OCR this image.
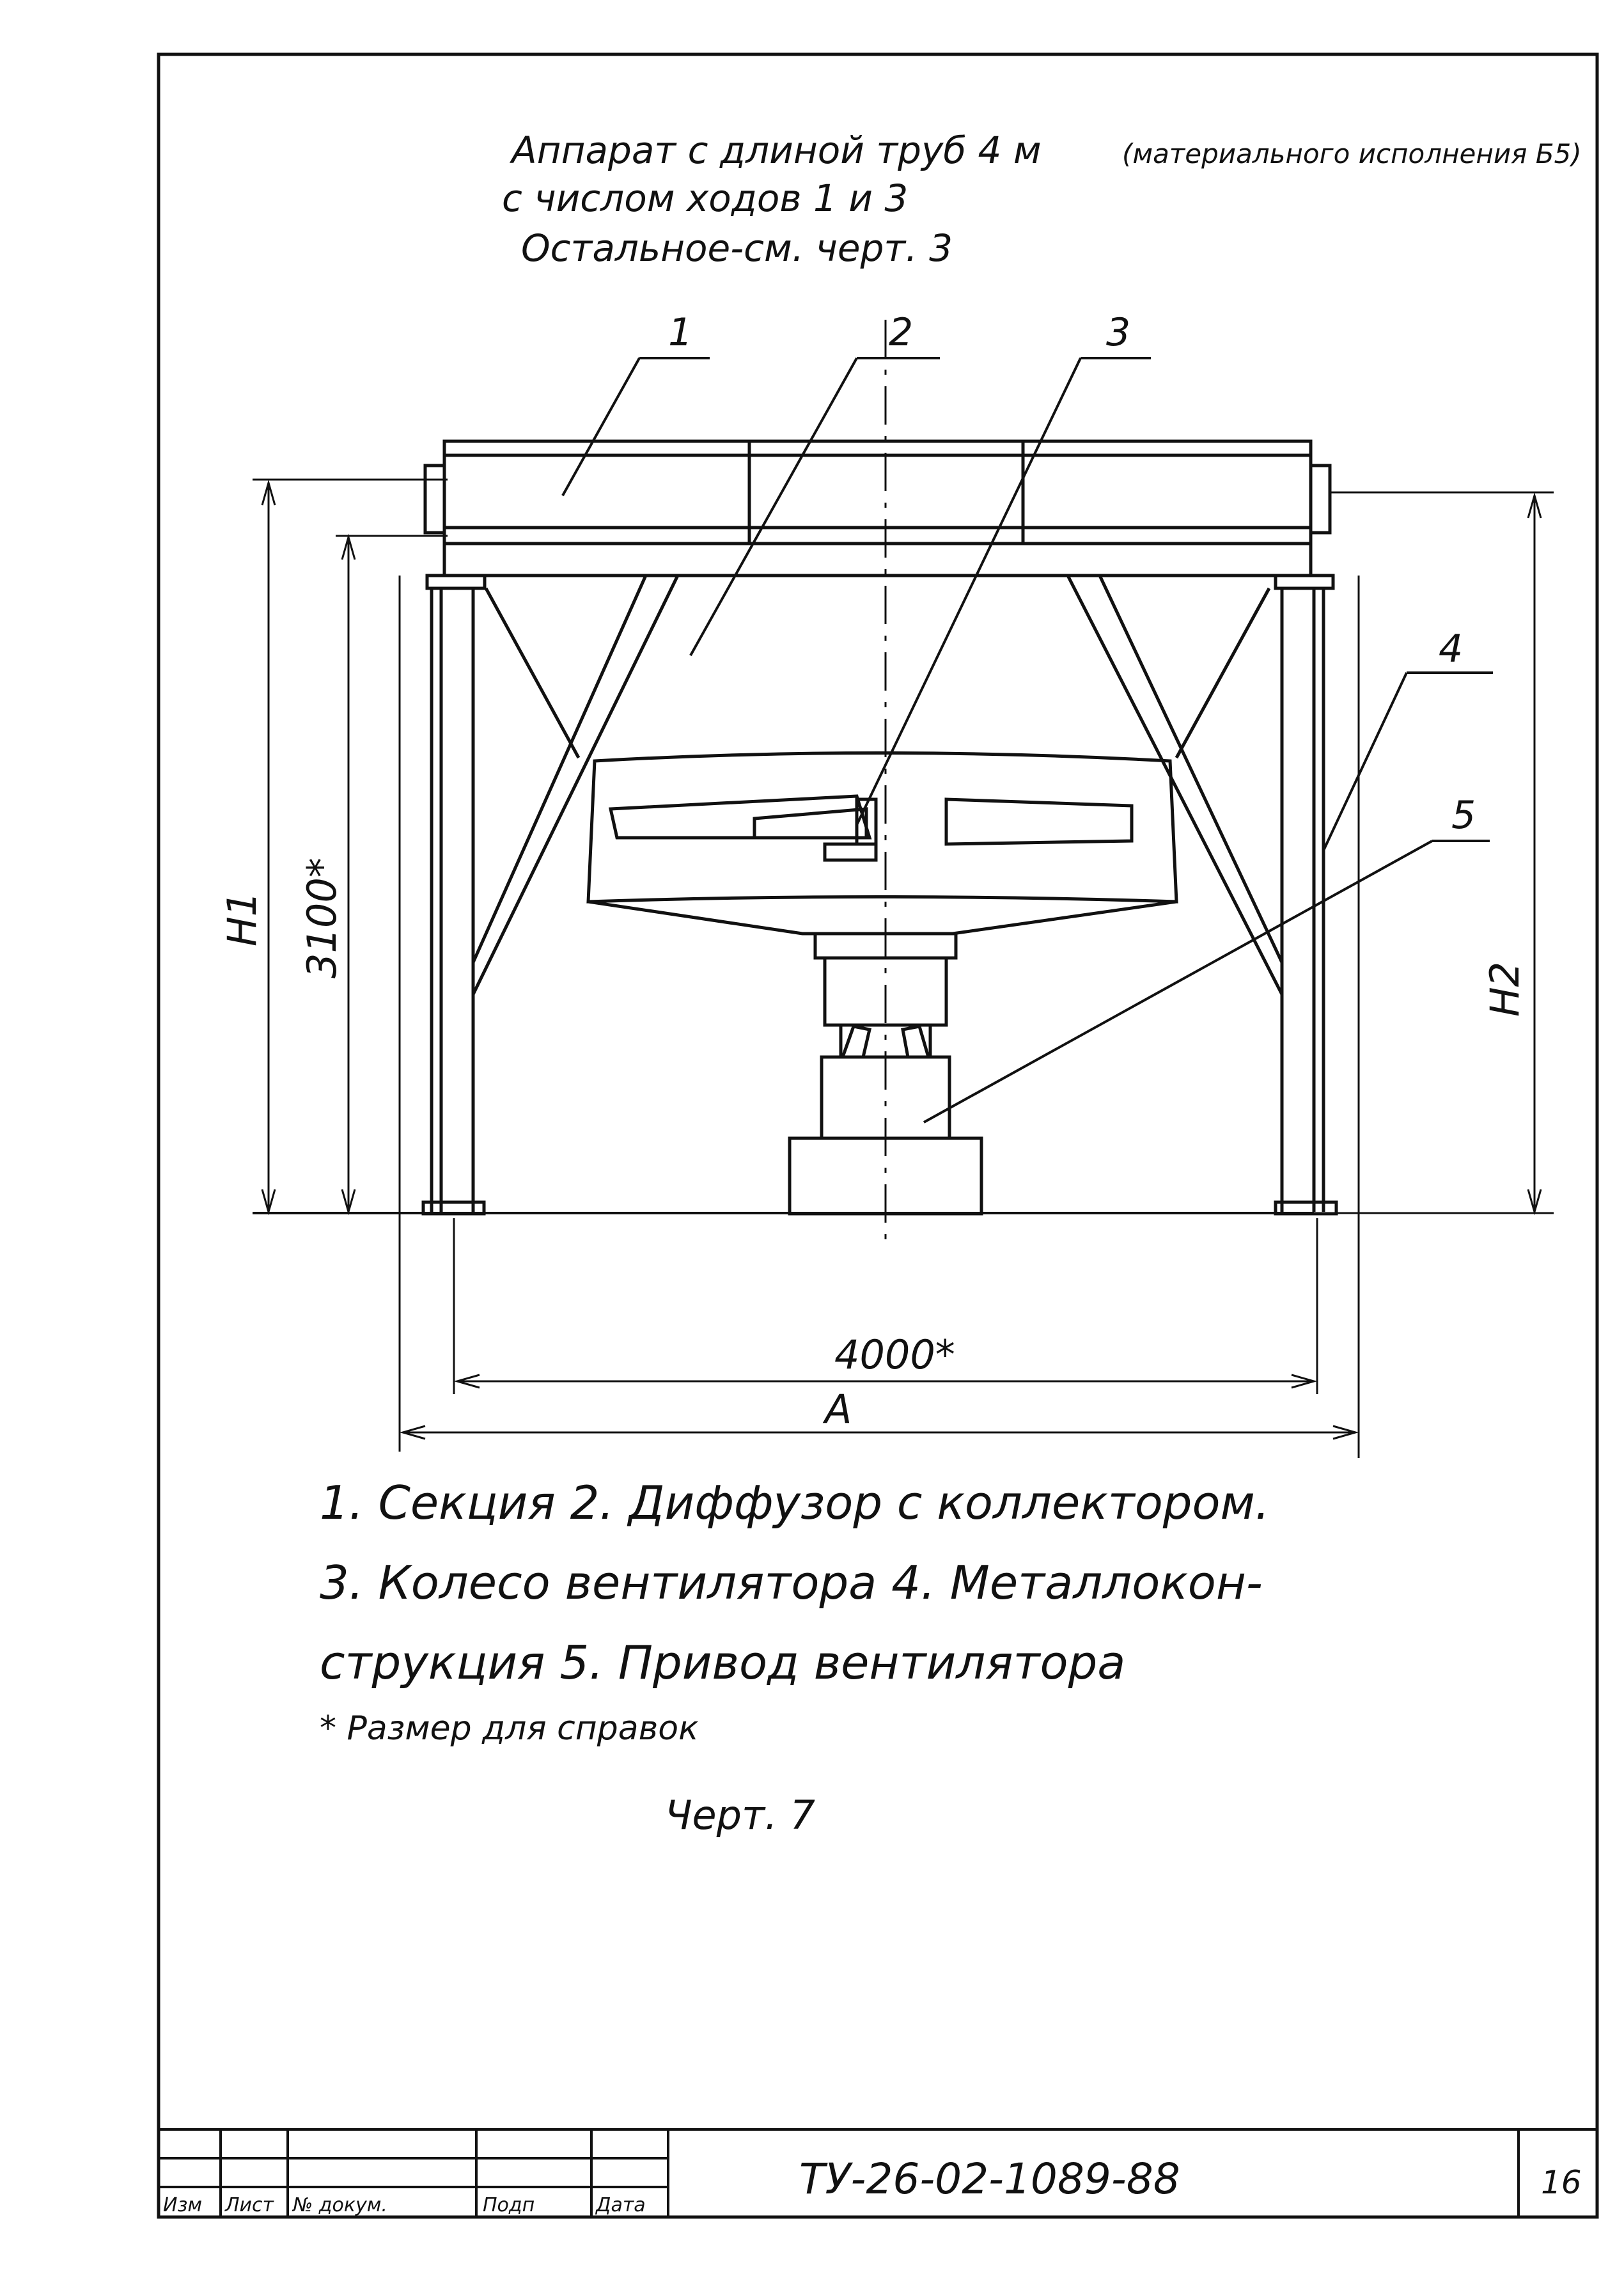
Аппарат с длиной труб 4 м	(материального исполнения Б5)
с числом ходов 1 и 3
Остальное-см. черт. 3
1	2	3
4
5
H1 3100*
H2
4000*
A
1. Секция 2. Диффузор с коллектором.
3. Колесо вентилятора 4. Металлокон-
струкция 5. Привод вентилятора
* Размер для справок
Черт. 7
Изм Лист № докум.	Подп	Дата
ТУ-26-02-1089-88	16
